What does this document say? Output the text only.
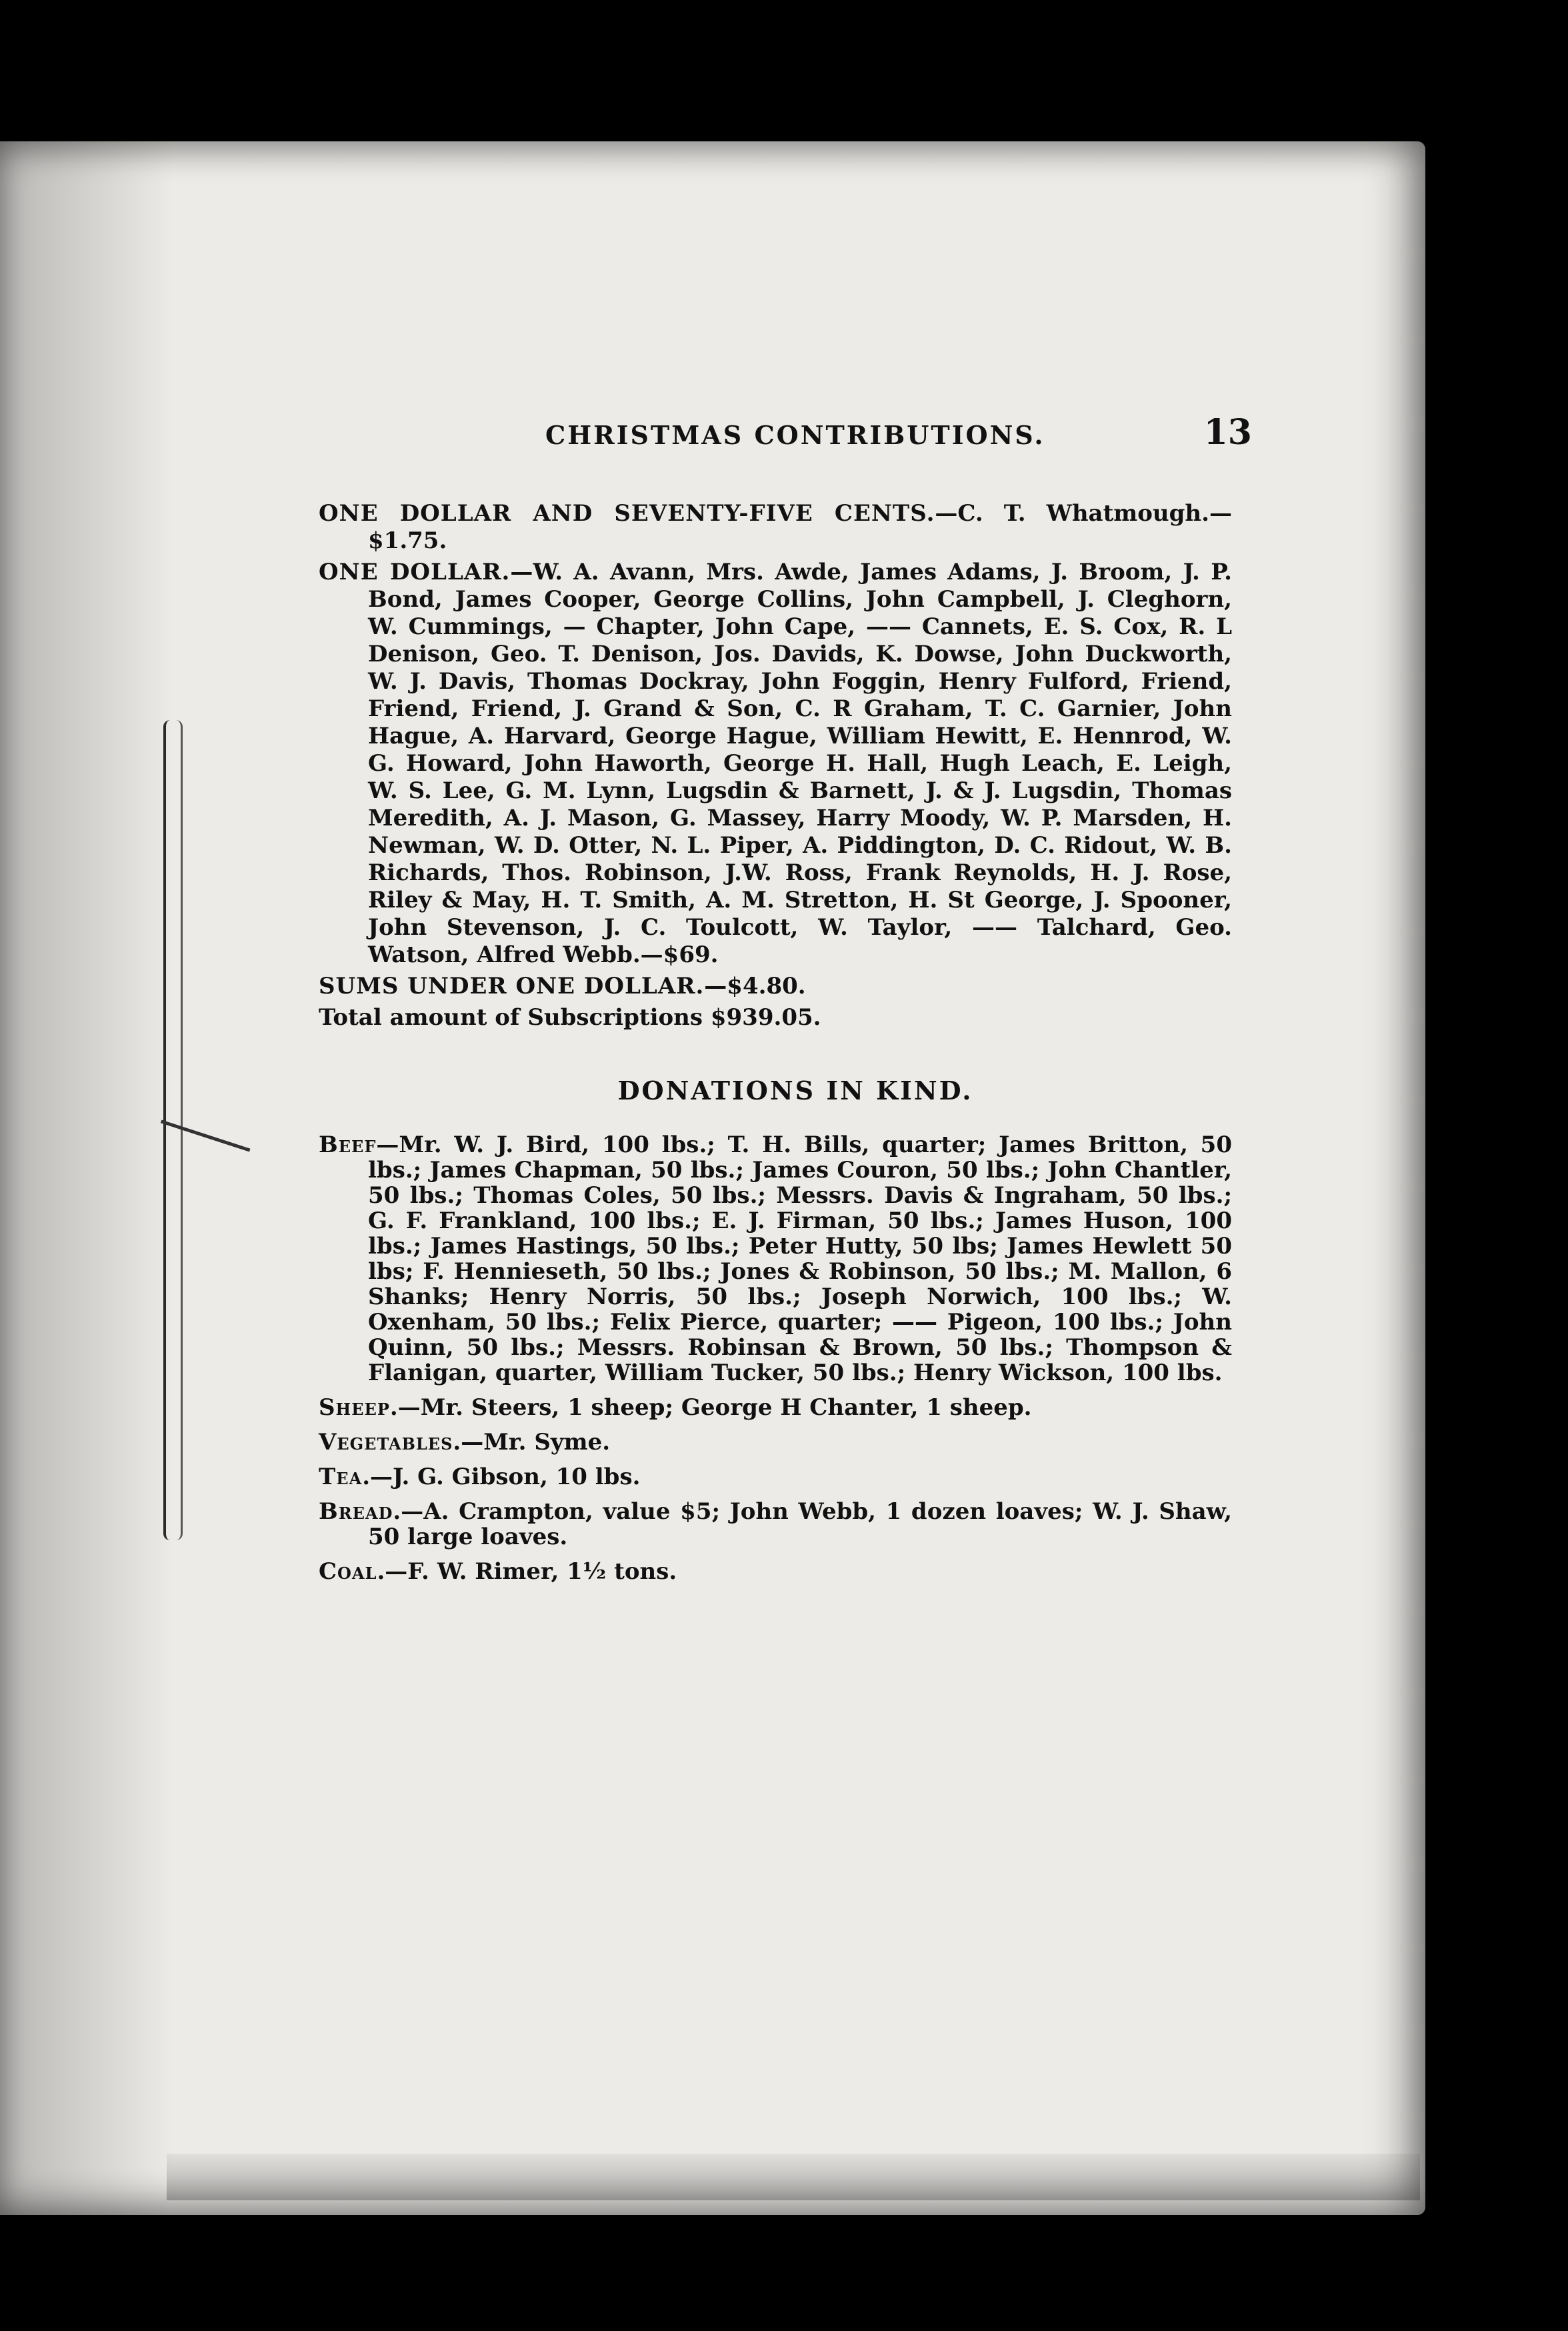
CHRISTMAS CONTRIBUTIONS.	13

ONE DOLLAR AND SEVENTY-FIVE CENTS.—C. T. Whatmough.—$1.75.

ONE DOLLAR.—W. A. Avann, Mrs. Awde, James Adams, J. Broom, J. P. Bond, James Cooper, George Collins, John Campbell, J. Cleghorn, W. Cummings, — Chapter, John Cape, —— Cannets, E. S. Cox, R. L Denison, Geo. T. Denison, Jos. Davids, K. Dowse, John Duckworth, W. J. Davis, Thomas Dockray, John Foggin, Henry Fulford, Friend, Friend, Friend, J. Grand & Son, C. R Graham, T. C. Garnier, John Hague, A. Harvard, George Hague, William Hewitt, E. Hennrod, W. G. Howard, John Haworth, George H. Hall, Hugh Leach, E. Leigh, W. S. Lee, G. M. Lynn, Lugsdin & Barnett, J. & J. Lugsdin, Thomas Meredith, A. J. Mason, G. Massey, Harry Moody, W. P. Marsden, H. Newman, W. D. Otter, N. L. Piper, A. Piddington, D. C. Ridout, W. B. Richards, Thos. Robinson, J.W. Ross, Frank Reynolds, H. J. Rose, Riley & May, H. T. Smith, A. M. Stretton, H. St George, J. Spooner, John Stevenson, J. C. Toulcott, W. Taylor, —— Talchard, Geo. Watson, Alfred Webb.—$69.

SUMS UNDER ONE DOLLAR.—$4.80.

Total amount of Subscriptions $939.05.

DONATIONS IN KIND.

Beef—Mr. W. J. Bird, 100 lbs.; T. H. Bills, quarter; James Britton, 50 lbs.; James Chapman, 50 lbs.; James Couron, 50 lbs.; John Chantler, 50 lbs.; Thomas Coles, 50 lbs.; Messrs. Davis & Ingraham, 50 lbs.; G. F. Frankland, 100 lbs.; E. J. Firman, 50 lbs.; James Huson, 100 lbs.; James Hastings, 50 lbs.; Peter Hutty, 50 lbs; James Hewlett 50 lbs; F. Hennieseth, 50 lbs.; Jones & Robinson, 50 lbs.; M. Mallon, 6 Shanks; Henry Norris, 50 lbs.; Joseph Norwich, 100 lbs.; W. Oxenham, 50 lbs.; Felix Pierce, quarter; —— Pigeon, 100 lbs.; John Quinn, 50 lbs.; Messrs. Robinsan & Brown, 50 lbs.; Thompson & Flanigan, quarter, William Tucker, 50 lbs.; Henry Wickson, 100 lbs.

Sheep.—Mr. Steers, 1 sheep; George H Chanter, 1 sheep.

Vegetables.—Mr. Syme.

Tea.—J. G. Gibson, 10 lbs.

Bread.—A. Crampton, value $5; John Webb, 1 dozen loaves; W. J. Shaw, 50 large loaves.

Coal.—F. W. Rimer, 1½ tons.
